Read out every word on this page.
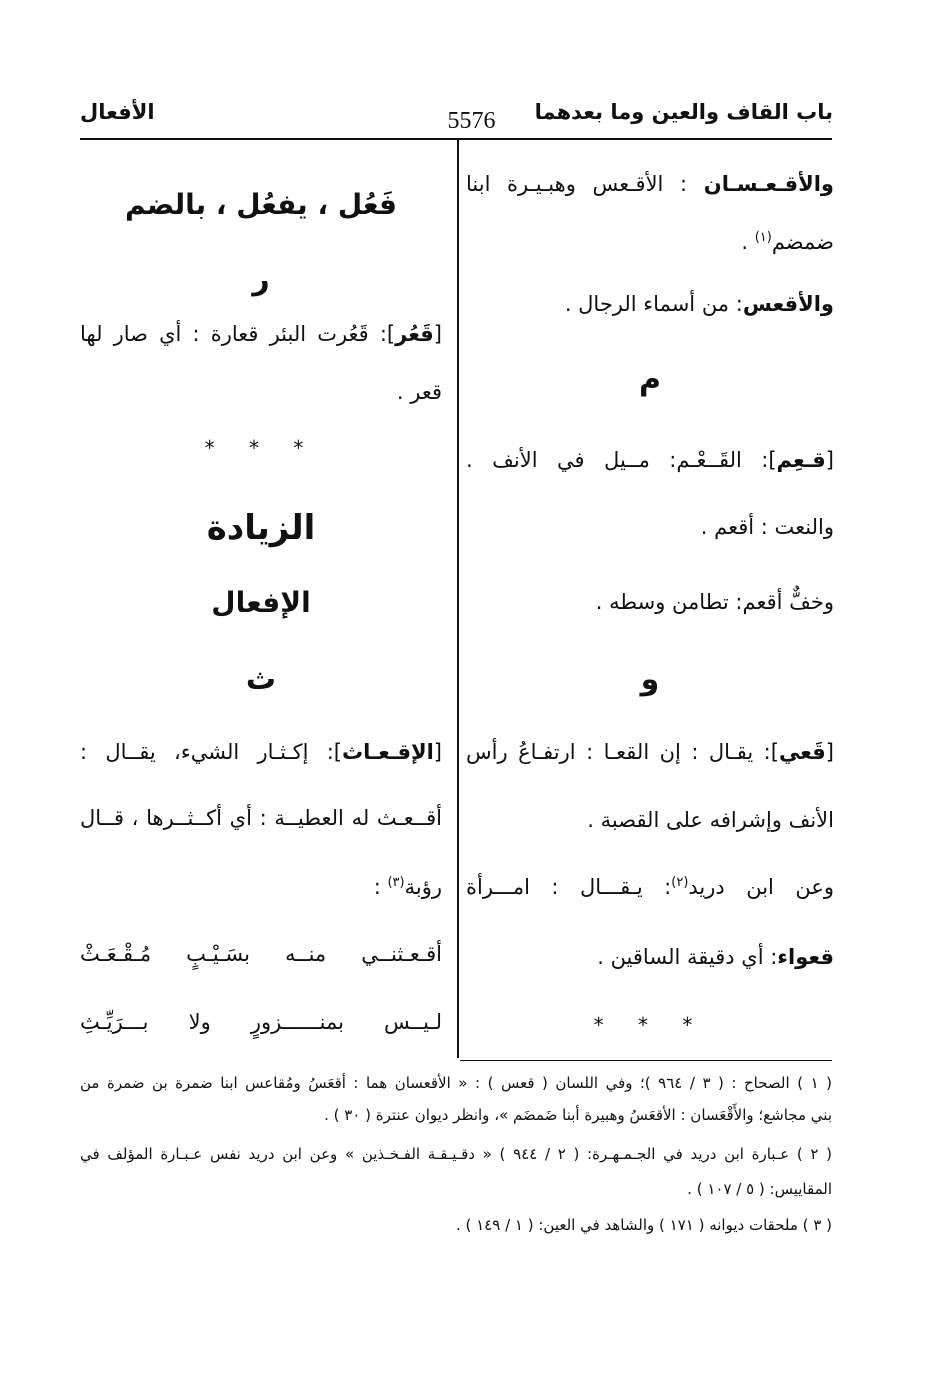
باب القاف والعين وما بعدهما
5576
الأفعال
والأقـعـسـان : الأقـعس وهبـيـرة ابنا
ضمضم$^{(١)}$ .
والأقعس: من أسماء الرجال .
م
[قـعِم]: القَــعْـم: مــيل في الأنف .
والنعت : أقعم .
وخفٌّ أقعم: تطامن وسطه .
و
[قَعي]: يقـال : إن القعـا : ارتفـاعُ رأس
الأنف وإشرافه على القصبة .
وعن ابن دريد$^{(٢)}$: يـقـــال : امـــرأة
قعواء: أي دقيقة الساقين .
* * *
فَعُل ، يفعُل ، بالضم
ر
[قَعُر]: قَعُرت البئر قعارة : أي صار لها
قعر .
* * *
الزيادة
الإفعال
ث
[الإقـعـاث]: إكـثـار الشيء، يقــال :
أقــعـث له العطيــة : أي أكــثــرها ، قــال
رؤبة$^{(٣)}$ :
أقـعـثنــي منــه بسَـيْـبٍ مُـقْـعَـثْ
لـيــس بمنــــــزورٍ ولا بـــرَيِّـثِ
( ١ ) الصحاح : ( ٣ / ٩٦٤ )؛ وفي اللسان ( قعس ) : « الأقعسان هما : أقعَسُ ومُقاعس ابنا ضمرة بن ضمرة من
بني مجاشع؛ والأَقْعَسان : الأقعَسُ وهبيرة أبنا ضَمضَم »، وانظر ديوان عنترة ( ٣٠ ) .
( ٢ ) عـبارة ابن دريد في الجـمـهـرة: ( ٢ / ٩٤٤ ) « دقـيـقـة الفـخـذين » وعن ابن دريد نفس عـبـارة المؤلف في
المقاييس: ( ٥ / ١٠٧ ) .
( ٣ ) ملحقات ديوانه ( ١٧١ ) والشاهد في العين: ( ١ / ١٤٩ ) .
